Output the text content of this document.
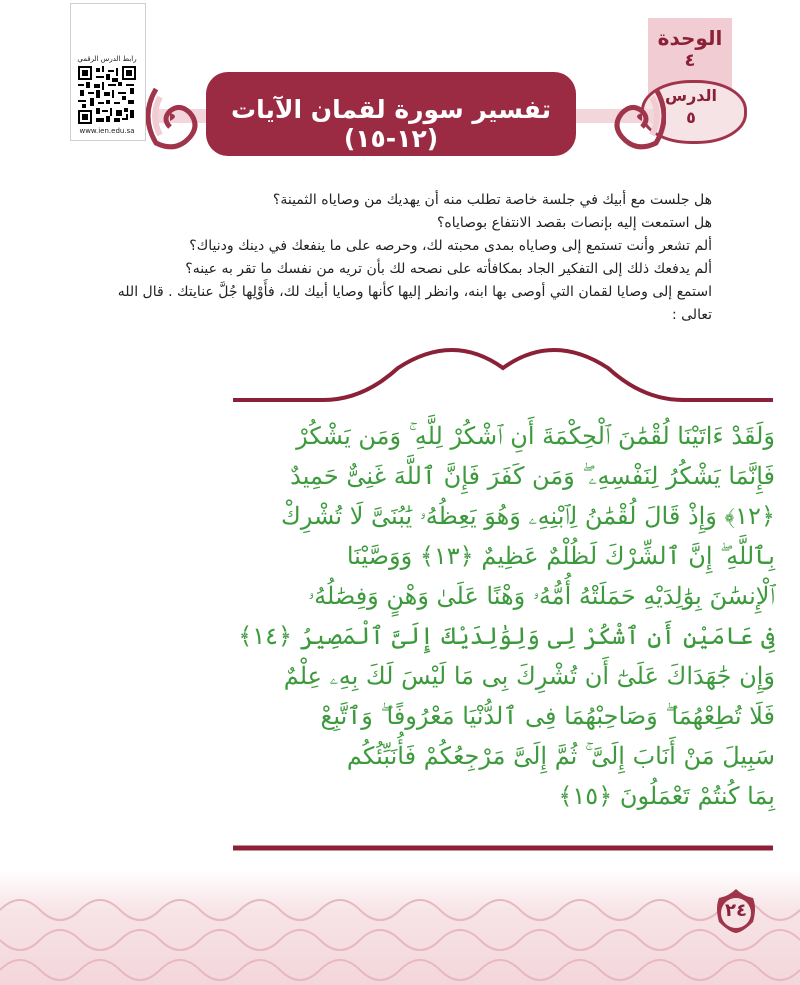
الوحدة
٤
الدرس
٥
رابط الدرس الرقمي
www.ien.edu.sa
تفسير سورة لقمان الآيات (١٢-١٥)
هل جلست مع أبيك في جلسة خاصة تطلب منه أن يهديك من وصاياه الثمينة؟
هل استمعت إليه بإنصات بقصد الانتفاع بوصاياه؟
ألم تشعر وأنت تستمع إلى وصاياه بمدى محبته لك، وحرصه على ما ينفعك في دينك ودنياك؟
ألم يدفعك ذلك إلى التفكير الجاد بمكافأته على نصحه لك بأن تريه من نفسك ما تقر به عينه؟
استمع إلى وصايا لقمان التي أوصى بها ابنه، وانظر إليها كأنها وصايا أبيك لك، فأَوْلِها جُلَّ عنايتك . قال الله
تعالى :
وَلَقَدْ ءَاتَيْنَا لُقْمَٰنَ ٱلْحِكْمَةَ أَنِ ٱشْكُرْ لِلَّهِ ۚ وَمَن يَشْكُرْ
فَإِنَّمَا يَشْكُرُ لِنَفْسِهِۦ ۖ وَمَن كَفَرَ فَإِنَّ ٱللَّهَ غَنِىٌّ حَمِيدٌ
﴿١٢﴾ وَإِذْ قَالَ لُقْمَٰنُ لِٱبْنِهِۦ وَهُوَ يَعِظُهُۥ يَٰبُنَىَّ لَا تُشْرِكْ
بِٱللَّهِ ۖ إِنَّ ٱلشِّرْكَ لَظُلْمٌ عَظِيمٌ ﴿١٣﴾ وَوَصَّيْنَا
ٱلْإِنسَٰنَ بِوَٰلِدَيْهِ حَمَلَتْهُ أُمُّهُۥ وَهْنًا عَلَىٰ وَهْنٍ وَفِصَٰلُهُۥ
فِى عَامَيْنِ أَنِ ٱشْكُرْ لِى وَلِوَٰلِدَيْكَ إِلَىَّ ٱلْمَصِيرُ ﴿١٤﴾
وَإِن جَٰهَدَاكَ عَلَىٰٓ أَن تُشْرِكَ بِى مَا لَيْسَ لَكَ بِهِۦ عِلْمٌ
فَلَا تُطِعْهُمَا ۖ وَصَاحِبْهُمَا فِى ٱلدُّنْيَا مَعْرُوفًا ۖ وَٱتَّبِعْ
سَبِيلَ مَنْ أَنَابَ إِلَىَّ ۚ ثُمَّ إِلَىَّ مَرْجِعُكُمْ فَأُنَبِّئُكُم
بِمَا كُنتُمْ تَعْمَلُونَ ﴿١٥﴾
٢٤
